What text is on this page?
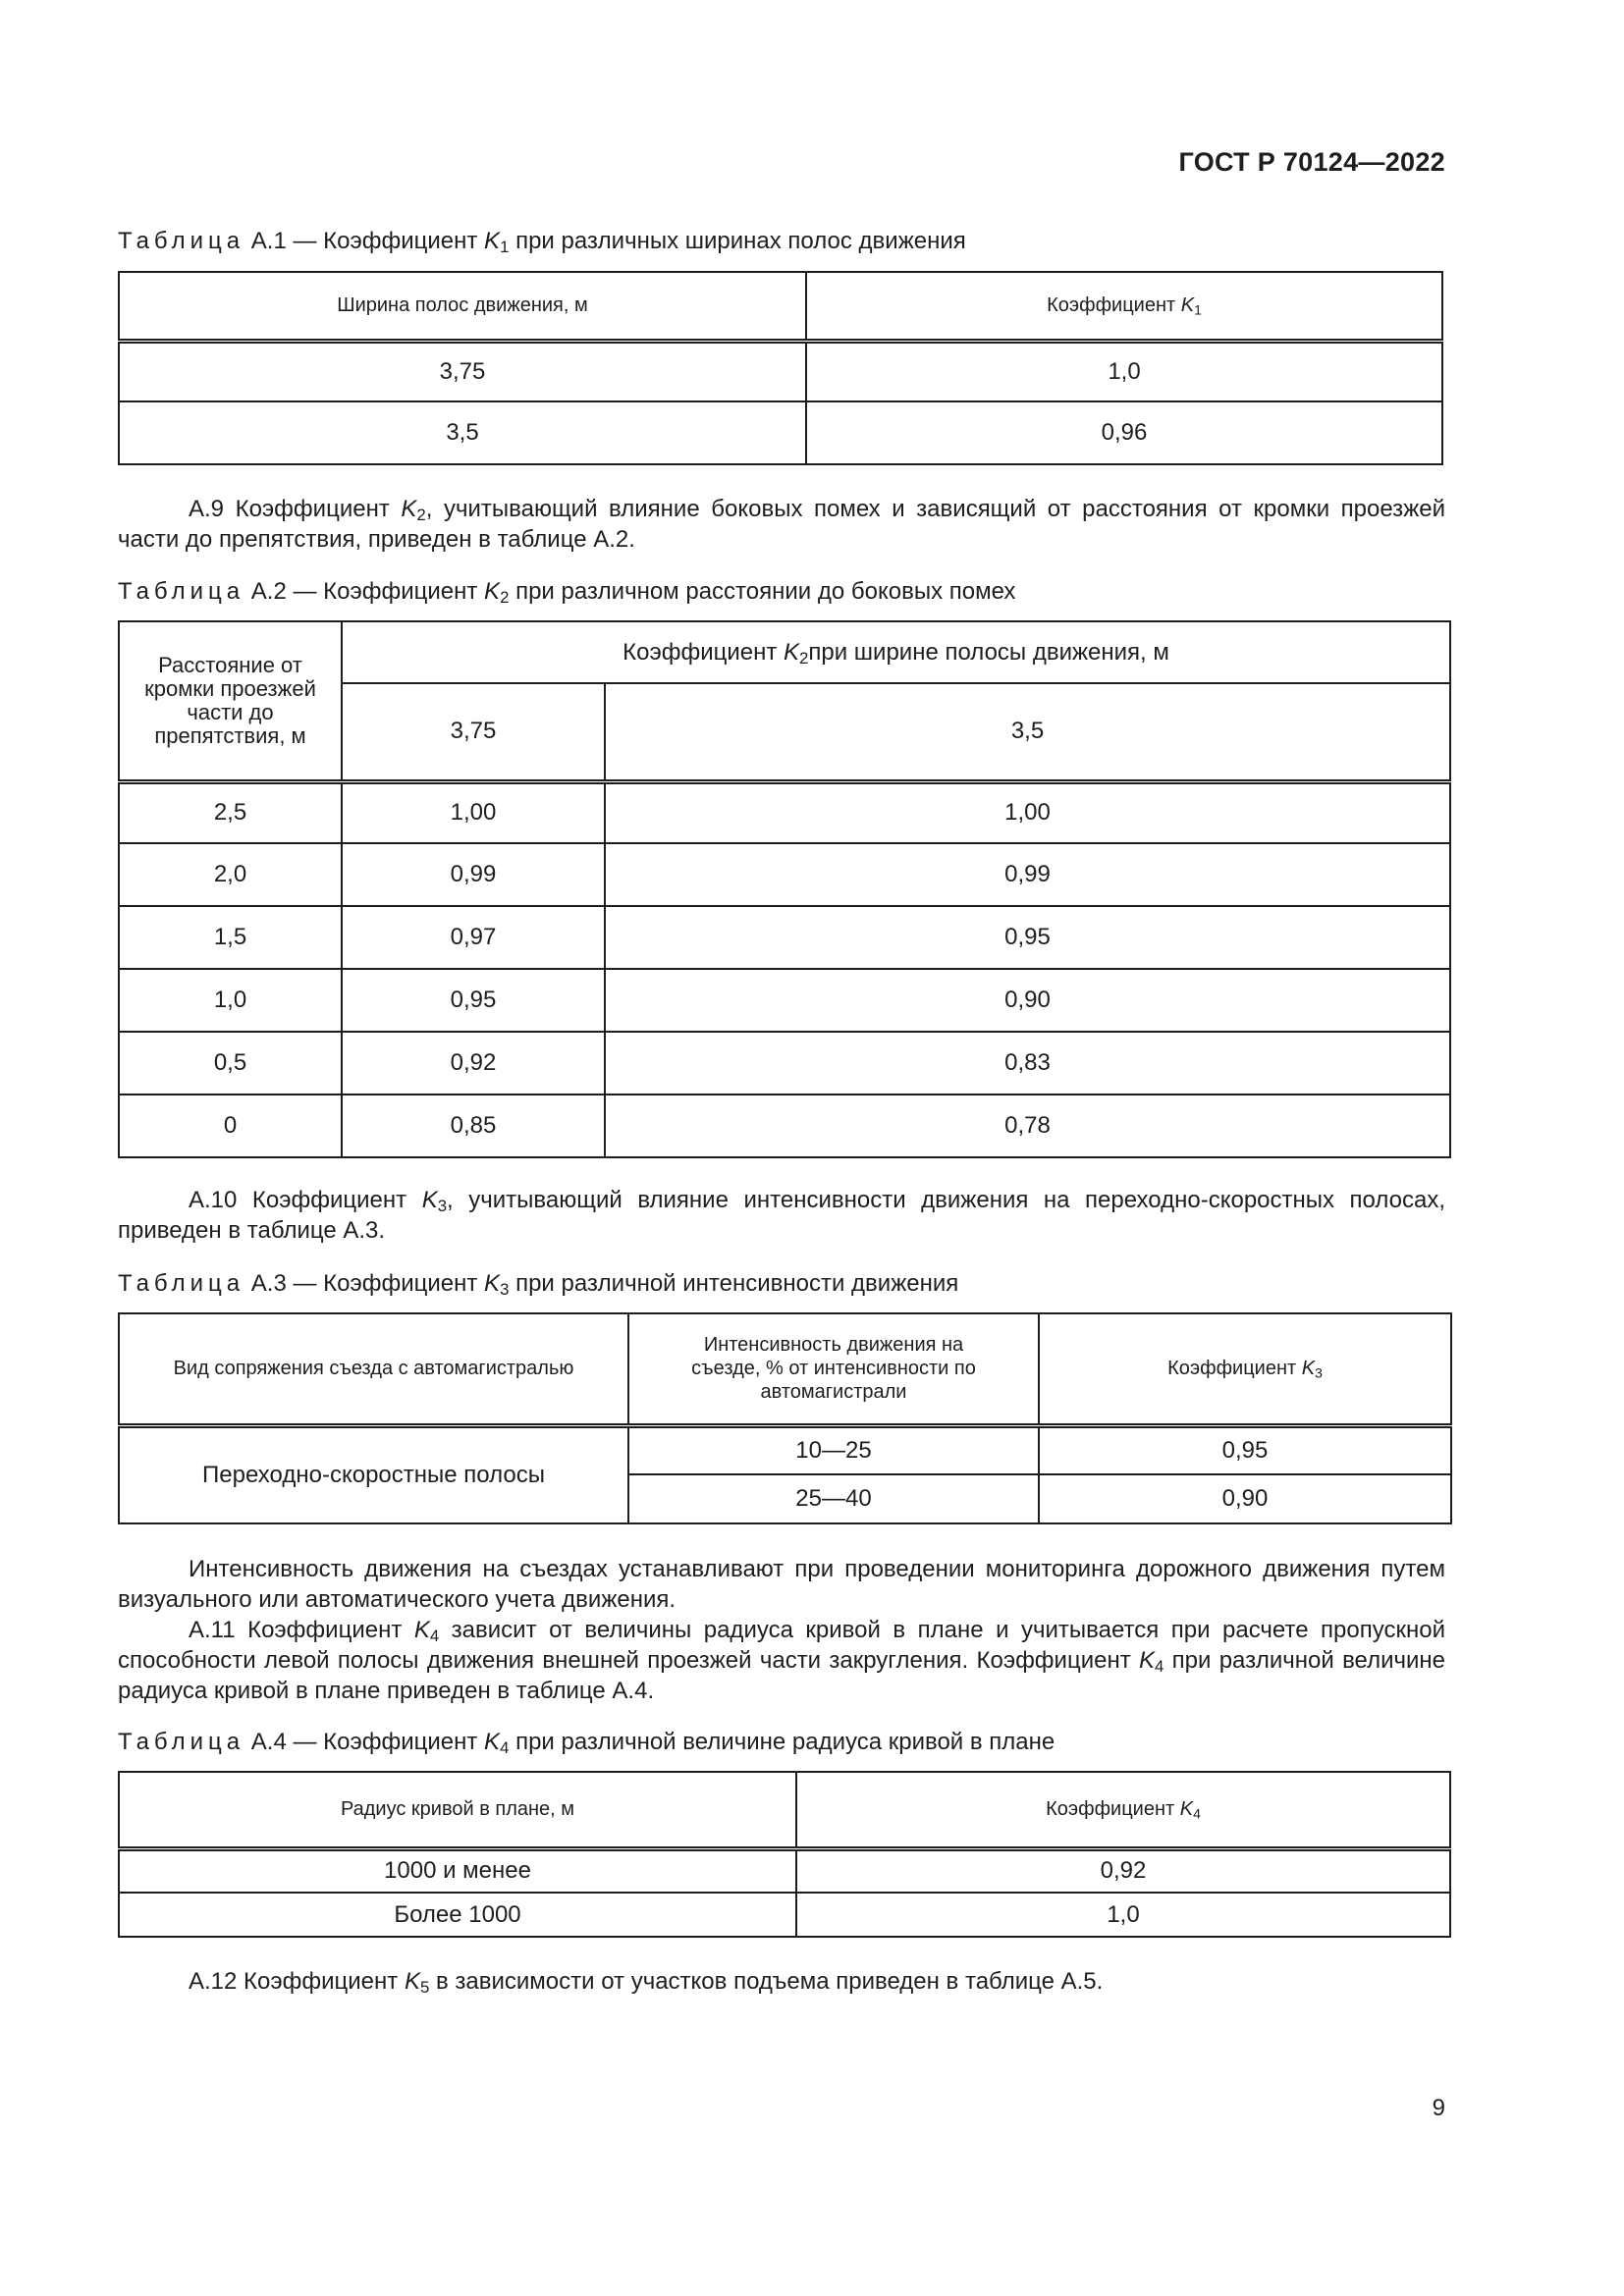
ГОСТ Р 70124—2022
Таблица А.1 — Коэффициент $K_1$ при различных ширинах полос движения
Ширина полос движения, м	Коэффициент $K_1$
3,75	1,0
3,5	0,96
А.9 Коэффициент $K_2$, учитывающий влияние боковых помех и зависящий от расстояния от кромки проезжей части до препятствия, приведен в таблице А.2.
Таблица А.2 — Коэффициент $K_2$ при различном расстоянии до боковых помех
Расстояние от кромки проезжей части до препятствия, м	Коэффициент $K_2при$ ширине полосы движения, м	
	3,75	3,5
2,5	1,00	1,00
2,0	0,99	0,99
1,5	0,97	0,95
1,0	0,95	0,90
0,5	0,92	0,83
0	0,85	0,78
А.10 Коэффициент $K_3$, учитывающий влияние интенсивности движения на переходно-скоростных полосах, приведен в таблице А.3.
Таблица А.3 — Коэффициент $K_3$ при различной интенсивности движения
Вид сопряжения съезда с автомагистралью	Интенсивность движения на съезде, % от интенсивности по автомагистрали	Коэффициент $K_3$
Переходно-скоростные полосы	10—25	0,95
	25—40	0,90
Интенсивность движения на съездах устанавливают при проведении мониторинга дорожного движения путем визуального или автоматического учета движения.
А.11 Коэффициент $K_4$ зависит от величины радиуса кривой в плане и учитывается при расчете пропускной способности левой полосы движения внешней проезжей части закругления. Коэффициент $K_4$ при различной величине радиуса кривой в плане приведен в таблице А.4.
Таблица А.4 — Коэффициент $K_4$ при различной величине радиуса кривой в плане
Радиус кривой в плане, м	Коэффициент $K_4$
1000 и менее	0,92
Более 1000	1,0
А.12 Коэффициент $K_5$ в зависимости от участков подъема приведен в таблице А.5.
9
